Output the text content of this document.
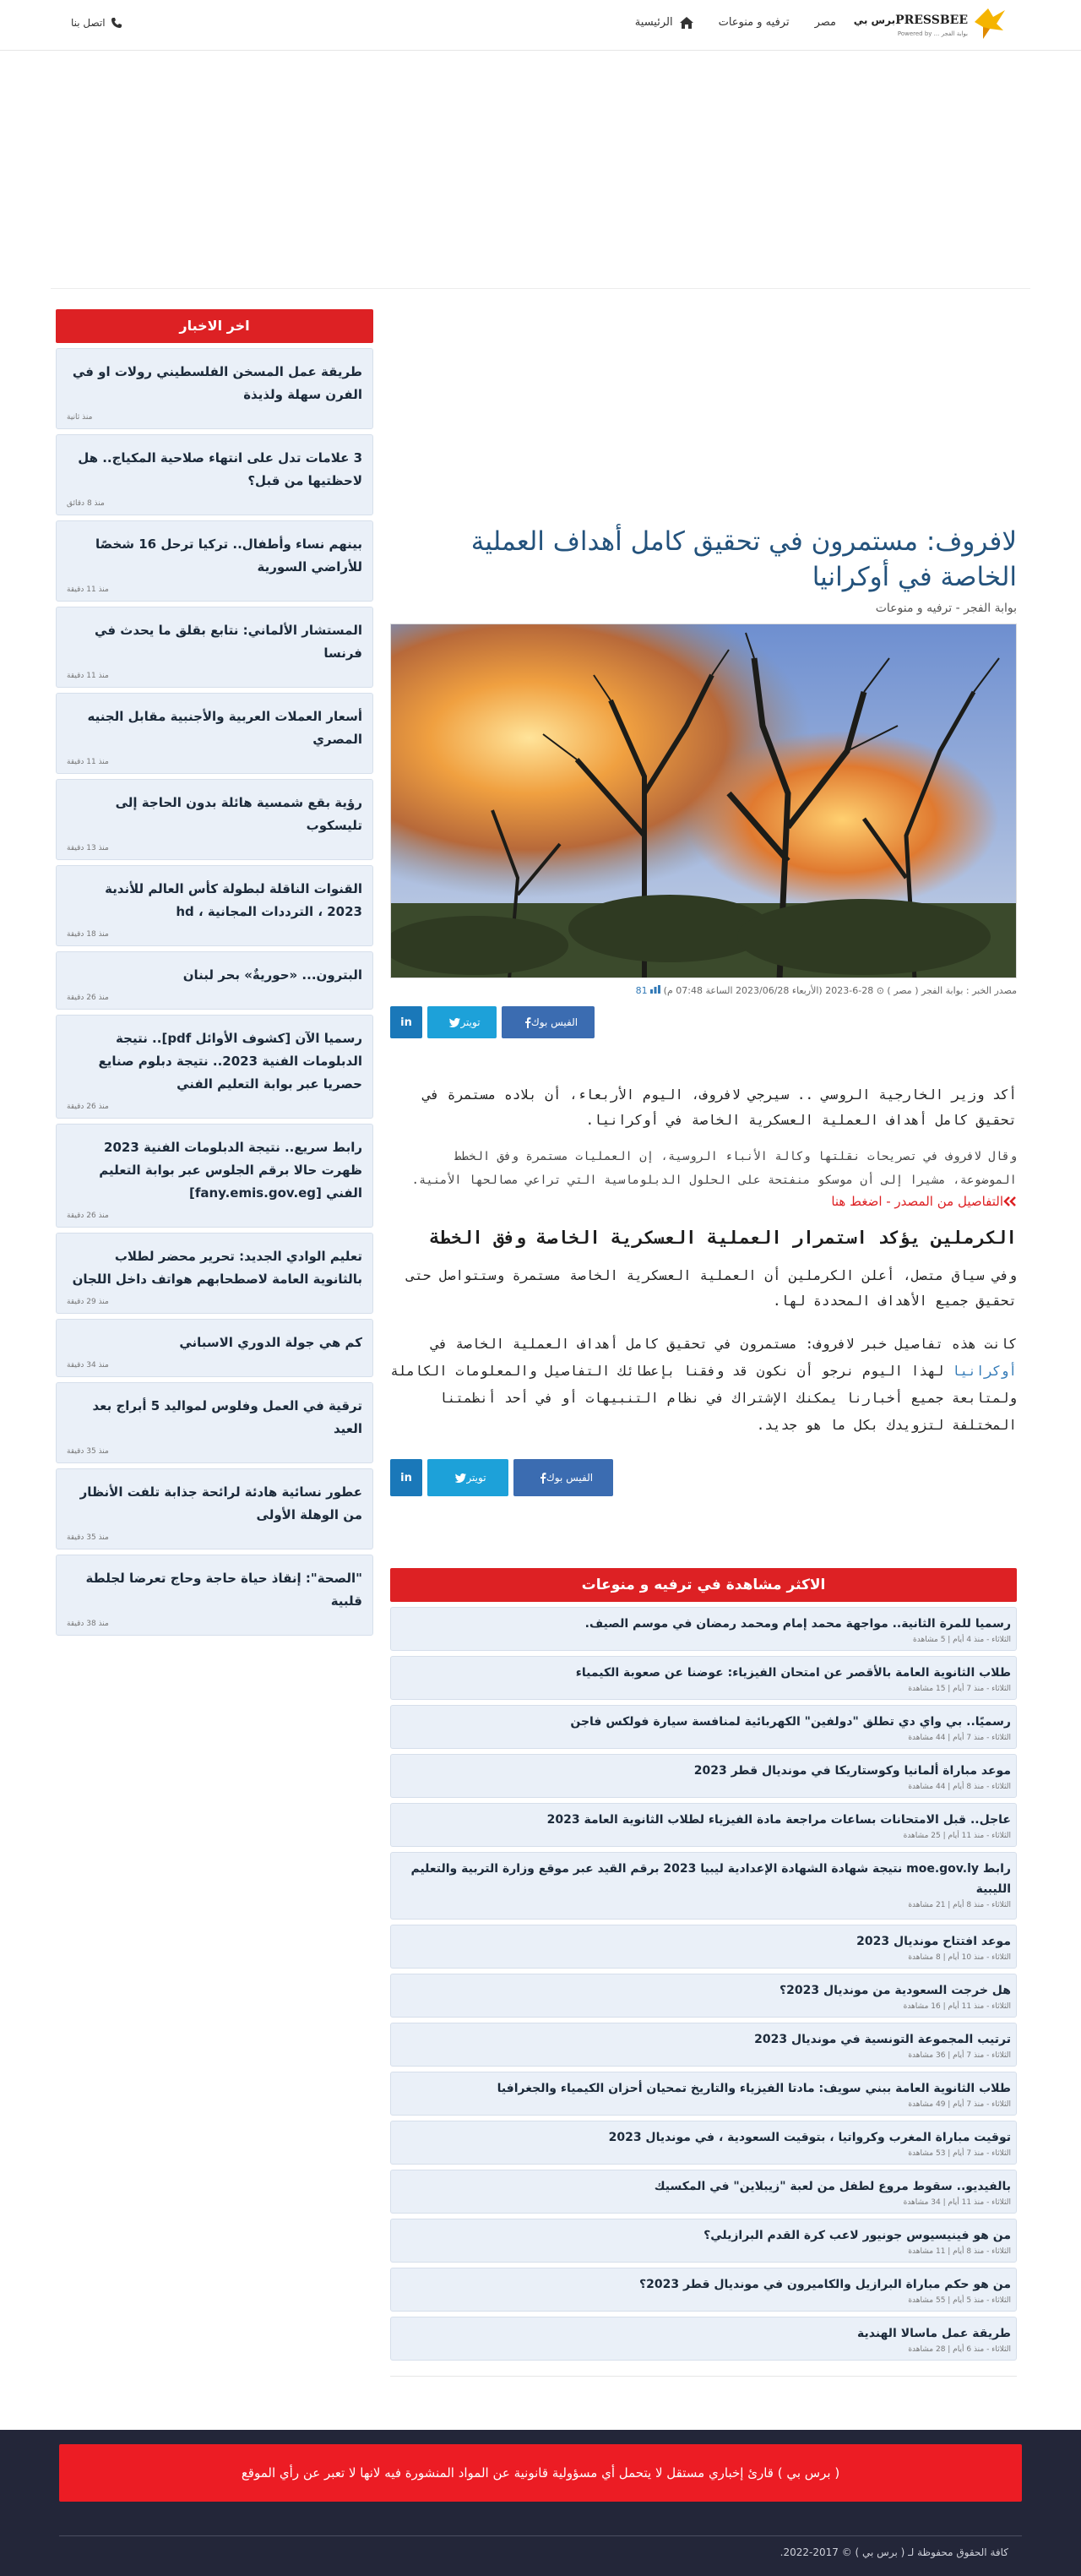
برس بيPRESSBEE
Powered by ... بوابة الفجر
الرئيسية	ترفيه و منوعات مصر
اتصل بنا
اخر الاخبار
طريقة عمل المسخن الفلسطيني رولات او في الفرن سهلة ولذيذة
منذ ثانية
3 علامات تدل على انتهاء صلاحية المكياج.. هل لاحظتيها من قبل؟
منذ 8 دقائق
بينهم نساء وأطفال.. تركيا ترحل 16 شخصًا للأراضي السورية
منذ 11 دقيقة
المستشار الألماني: نتابع بقلق ما يحدث في فرنسا
منذ 11 دقيقة
أسعار العملات العربية والأجنبية مقابل الجنيه المصري
منذ 11 دقيقة
رؤية بقع شمسية هائلة بدون الحاجة إلى تليسكوب
منذ 13 دقيقة
القنوات الناقلة لبطولة كأس العالم للأندية 2023 ، الترددات المجانية ، hd
منذ 18 دقيقة
البترون... «حوريةٌ» بحر لبنان
منذ 26 دقيقة
رسميا الآن [كشوف الأوائل pdf].. نتيجة الدبلومات الفنية 2023.. نتيجة دبلوم صنايع حصريا عبر بوابة التعليم الفني
منذ 26 دقيقة
رابط سريع.. نتيجة الدبلومات الفنية 2023 ظهرت حالا برقم الجلوس عبر بوابة التعليم الفني [fany.emis.gov.eg]
منذ 26 دقيقة
تعليم الوادي الجديد: تحرير محضر لطلاب بالثانوية العامة لاصطحابهم هواتف داخل اللجان
منذ 29 دقيقة
كم هي جولة الدوري الاسباني
منذ 34 دقيقة
ترقية في العمل وفلوس لمواليد 5 أبراج بعد العيد
منذ 35 دقيقة
عطور نسائية هادئة لرائحة جذابة تلفت الأنظار من الوهلة الأولى
منذ 35 دقيقة
"الصحة": إنقاذ حياة حاجة وحاج تعرضا لجلطة قلبية
منذ 38 دقيقة
لافروف: مستمرون في تحقيق كامل أهداف العملية الخاصة في أوكرانيا
بوابة الفجر - ترفيه و منوعات
مصدر الخبر : بوابة الفجر ( مصر ) ⊙ 28-6-2023 (الأربعاء 2023/06/28 الساعة 07:48 م)  81
الفيس بوك
تويتر
in
أكد وزير الخارجية الروسي .. سيرجي لافروف، اليوم الأربعاء، أن بلاده مستمرة في تحقيق كامل أهداف العملية العسكرية الخاصة في أوكرانيا.
وقال لافروف في تصريحات نقلتها وكالة الأنباء الروسية، إن العمليات مستمرة وفق الخطط الموضوعة، مشيرا إلى أن موسكو منفتحة على الحلول الدبلوماسية التي تراعي مصالحها الأمنية.
التفاصيل من المصدر - اضغط هنا
الكرملين يؤكد استمرار العملية العسكرية الخاصة وفق الخطة
وفي سياق متصل، أعلن الكرملين أن العملية العسكرية الخاصة مستمرة وستتواصل حتى تحقيق جميع الأهداف المحددة لها.
كانت هذه تفاصيل خبر لافروف: مستمرون في تحقيق كامل أهداف العملية الخاصة في أوكرانيا لهذا اليوم نرجو أن نكون قد وفقنا بإعطائك التفاصيل والمعلومات الكاملة ولمتابعة جميع أخبارنا يمكنك الإشتراك في نظام التنبيهات أو في أحد أنظمتنا المختلفة لتزويدك بكل ما هو جديد.
الفيس بوك
تويتر
in
الاكثر مشاهدة في ترفيه و منوعات
رسميا للمرة الثانية.. مواجهة محمد إمام ومحمد رمضان في موسم الصيف.
الثلاثاء - منذ 4 أيام | 5 مشاهدة
طلاب الثانوية العامة بالأقصر عن امتحان الفيزياء: عوضنا عن صعوبة الكيمياء
الثلاثاء - منذ 7 أيام | 15 مشاهدة
رسميًا.. بي واي دي تطلق "دولفين" الكهربائية لمنافسة سيارة فولكس فاجن
الثلاثاء - منذ 7 أيام | 44 مشاهدة
موعد مباراة ألمانيا وكوستاريكا في مونديال قطر 2023
الثلاثاء - منذ 8 أيام | 44 مشاهدة
عاجل.. قبل الامتحانات بساعات مراجعة مادة الفيزياء لطلاب الثانوية العامة 2023
الثلاثاء - منذ 11 أيام | 25 مشاهدة
رابط moe.gov.ly نتيجة شهادة الشهادة الإعدادية ليبيا 2023 برقم القيد عبر موقع وزارة التربية والتعليم الليبية
الثلاثاء - منذ 8 أيام | 21 مشاهدة
موعد افتتاح مونديال 2023
الثلاثاء - منذ 10 أيام | 8 مشاهدة
هل خرجت السعودية من مونديال 2023؟
الثلاثاء - منذ 11 أيام | 16 مشاهدة
ترتيب المجموعة التونسية في مونديال 2023
الثلاثاء - منذ 7 أيام | 36 مشاهدة
طلاب الثانوية العامة ببني سويف: مادتا الفيزياء والتاريخ تمحيان أحزان الكيمياء والجغرافيا
الثلاثاء - منذ 7 أيام | 49 مشاهدة
توقيت مباراة المغرب وكرواتيا ، بتوقيت السعودية ، في مونديال 2023
الثلاثاء - منذ 7 أيام | 53 مشاهدة
بالفيديو.. سقوط مروع لطفل من لعبة "زيبلاين" في المكسيك
الثلاثاء - منذ 11 أيام | 34 مشاهدة
من هو فينيسيوس جونيور لاعب كرة القدم البرازيلي؟
الثلاثاء - منذ 8 أيام | 11 مشاهدة
من هو حكم مباراة البرازيل والكاميرون في مونديال قطر 2023؟
الثلاثاء - منذ 5 أيام | 55 مشاهدة
طريقة عمل ماسالا الهندية
الثلاثاء - منذ 6 أيام | 28 مشاهدة
( برس بي ) قارئ إخباري مستقل لا يتحمل أي مسؤولية قانونية عن المواد المنشورة فيه لانها لا تعبر عن رأي الموقع
كافة الحقوق محفوظة لـ ( برس بي ) © 2017-2022.
